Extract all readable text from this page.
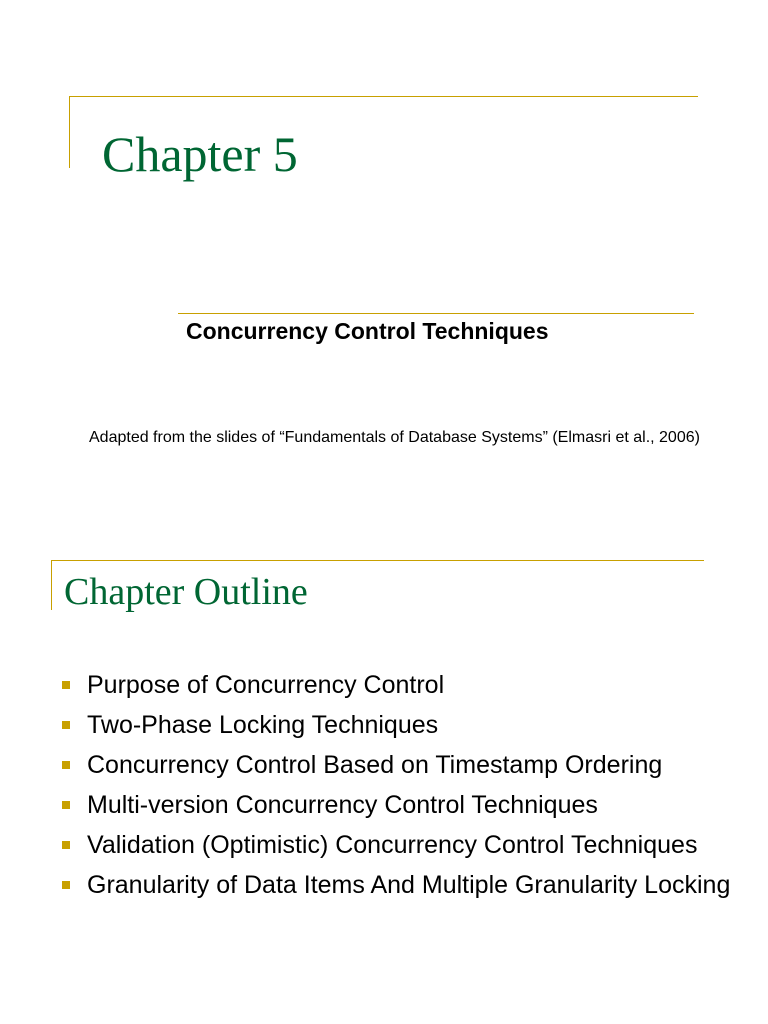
Chapter 5
Concurrency Control Techniques
Adapted from the slides of “Fundamentals of Database Systems” (Elmasri et al., 2006)
Chapter Outline
Purpose of Concurrency Control
Two-Phase Locking Techniques
Concurrency Control Based on Timestamp Ordering
Multi-version Concurrency Control Techniques
Validation (Optimistic) Concurrency Control Techniques
Granularity of Data Items And Multiple Granularity Locking
